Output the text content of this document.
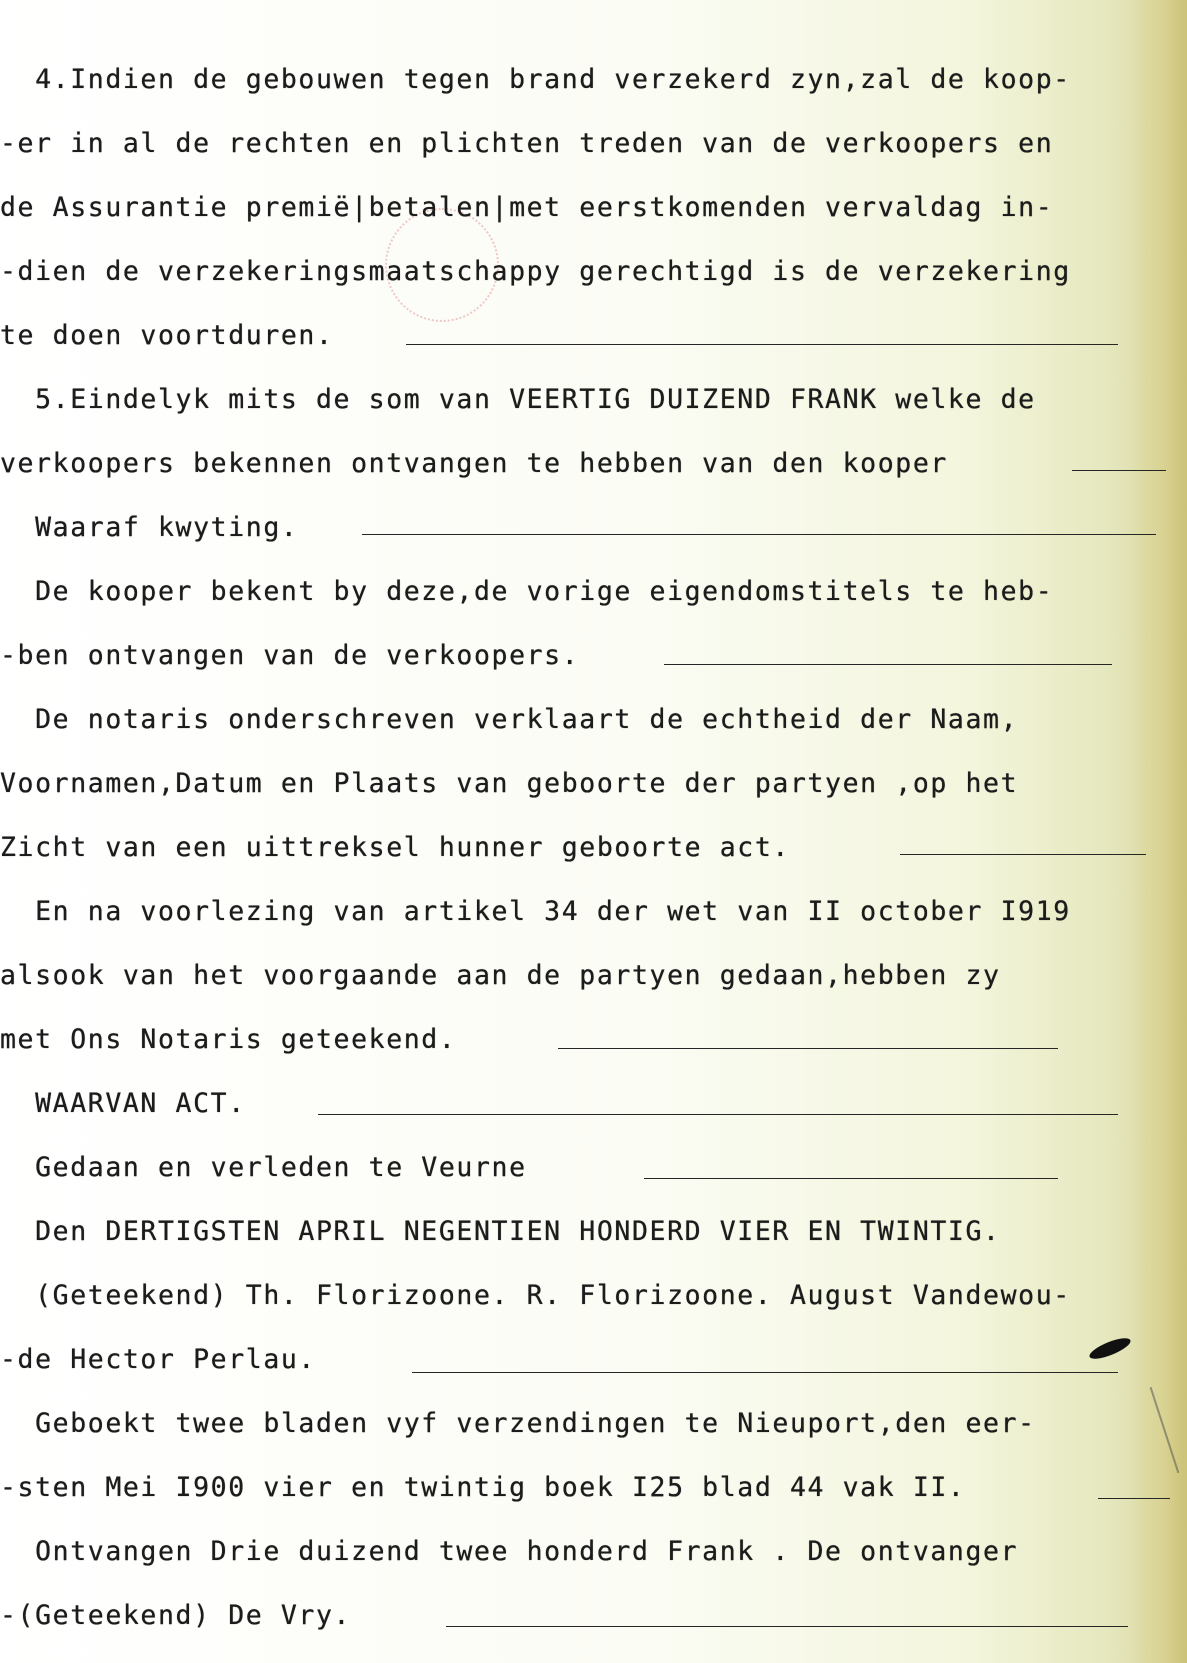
4.Indien de gebouwen tegen brand verzekerd zyn,zal de koop-
-er in al de rechten en plichten treden van de verkoopers en
de Assurantie premië|betalen|met eerstkomenden vervaldag in-
-dien de verzekeringsmaatschappy gerechtigd is de verzekering
te doen voortduren.
5.Eindelyk mits de som van VEERTIG DUIZEND FRANK welke de
verkoopers bekennen ontvangen te hebben van den kooper
Waaraf kwyting.
De kooper bekent by deze,de vorige eigendomstitels te heb-
-ben ontvangen van de verkoopers.
De notaris onderschreven verklaart de echtheid der Naam,
Voornamen,Datum en Plaats van geboorte der partyen ,op het
Zicht van een uittreksel hunner geboorte act.
En na voorlezing van artikel 34 der wet van II october I919
alsook van het voorgaande aan de partyen gedaan,hebben zy
met Ons Notaris geteekend.
WAARVAN ACT.
Gedaan en verleden te Veurne
Den DERTIGSTEN APRIL NEGENTIEN HONDERD VIER EN TWINTIG.
(Geteekend) Th. Florizoone. R. Florizoone. August Vandewou-
-de Hector Perlau.
Geboekt twee bladen vyf verzendingen te Nieuport,den eer-
-sten Mei I900 vier en twintig boek I25 blad 44 vak II.
Ontvangen Drie duizend twee honderd Frank . De ontvanger
-(Geteekend) De Vry.
